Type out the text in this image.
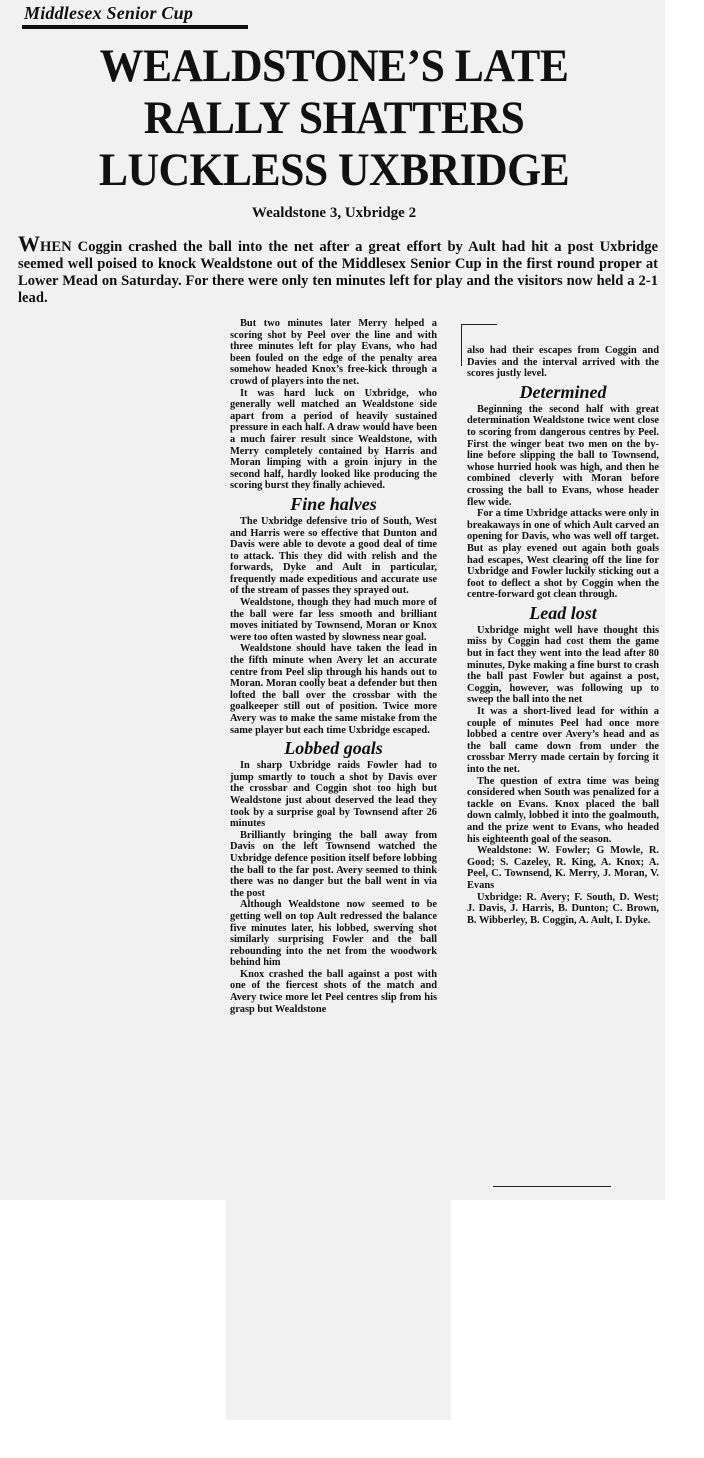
Middlesex Senior Cup
WEALDSTONE’S LATE
RALLY SHATTERS
LUCKLESS UXBRIDGE
Wealdstone 3, Uxbridge 2
WHEN Coggin crashed the ball into the net after a great effort by Ault had hit a post Uxbridge seemed well poised to knock Wealdstone out of the Middlesex Senior Cup in the first round proper at Lower Mead on Saturday. For there were only ten minutes left for play and the visitors now held a 2-1 lead.

But two minutes later Merry helped a scoring shot by Peel over the line and with three minutes left for play Evans, who had been fouled on the edge of the penalty area somehow headed Knox’s free-kick through a crowd of players into the net.

It was hard luck on Uxbridge, who generally well matched an Wealdstone side apart from a period of heavily sustained pressure in each half. A draw would have been a much fairer result since Wealdstone, with Merry completely contained by Harris and Moran limping with a groin injury in the second half, hardly looked like producing the scoring burst they finally achieved.

Fine halves

The Uxbridge defensive trio of South, West and Harris were so effective that Dunton and Davis were able to devote a good deal of time to attack. This they did with relish and the forwards, Dyke and Ault in particular, frequently made expeditious and accurate use of the stream of passes they sprayed out.

Wealdstone, though they had much more of the ball were far less smooth and brilliant moves initiated by Townsend, Moran or Knox were too often wasted by slowness near goal.

Wealdstone should have taken the lead in the fifth minute when Avery let an accurate centre from Peel slip through his hands out to Moran. Moran coolly beat a defender but then lofted the ball over the crossbar with the goalkeeper still out of position. Twice more Avery was to make the same mistake from the same player but each time Uxbridge escaped.

Lobbed goals

In sharp Uxbridge raids Fowler had to jump smartly to touch a shot by Davis over the crossbar and Coggin shot too high but Wealdstone just about deserved the lead they took by a surprise goal by Townsend after 26 minutes

Brilliantly bringing the ball away from Davis on the left Townsend watched the Uxbridge defence position itself before lobbing the ball to the far post. Avery seemed to think there was no danger but the ball went in via the post

Although Wealdstone now seemed to be getting well on top Ault redressed the balance five minutes later, his lobbed, swerving shot similarly surprising Fowler and the ball rebounding into the net from the woodwork behind him

Knox crashed the ball against a post with one of the fiercest shots of the match and Avery twice more let Peel centres slip from his grasp but Wealdstone

also had their escapes from Coggin and Davies and the interval arrived with the scores justly level.

Determined

Beginning the second half with great determination Wealdstone twice went close to scoring from dangerous centres by Peel. First the winger beat two men on the by-line before slipping the ball to Townsend, whose hurried hook was high, and then he combined cleverly with Moran before crossing the ball to Evans, whose header flew wide.

For a time Uxbridge attacks were only in breakaways in one of which Ault carved an opening for Davis, who was well off target. But as play evened out again both goals had escapes, West clearing off the line for Uxbridge and Fowler luckily sticking out a foot to deflect a shot by Coggin when the centre-forward got clean through.

Lead lost

Uxbridge might well have thought this miss by Coggin had cost them the game but in fact they went into the lead after 80 minutes, Dyke making a fine burst to crash the ball past Fowler but against a post, Coggin, however, was following up to sweep the ball into the net

It was a short-lived lead for within a couple of minutes Peel had once more lobbed a centre over Avery’s head and as the ball came down from under the crossbar Merry made certain by forcing it into the net.

The question of extra time was being considered when South was penalized for a tackle on Evans. Knox placed the ball down calmly, lobbed it into the goalmouth, and the prize went to Evans, who headed his eighteenth goal of the season.

Wealdstone: W. Fowler; G Mowle, R. Good; S. Cazeley, R. King, A. Knox; A. Peel, C. Townsend, K. Merry, J. Moran, V. Evans

Uxbridge: R. Avery; F. South, D. West; J. Davis, J. Harris, B. Dunton; C. Brown, B. Wibberley, B. Coggin, A. Ault, I. Dyke.
